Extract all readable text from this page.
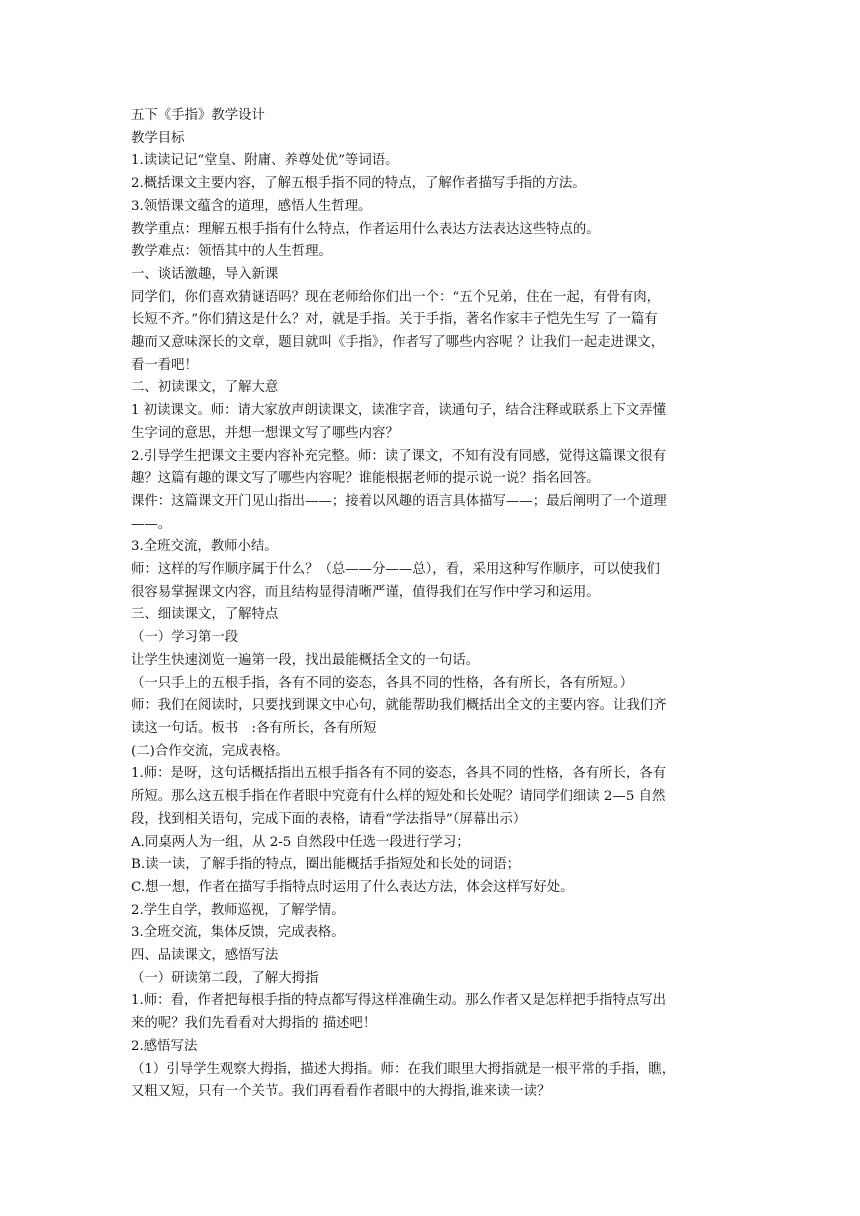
五下《手指》教学设计

教学目标

1.读读记记“堂皇、附庸、养尊处优”等词语。

2.概括课文主要内容，了解五根手指不同的特点，了解作者描写手指的方法。

3.领悟课文蕴含的道理，感悟人生哲理。

教学重点：理解五根手指有什么特点，作者运用什么表达方法表达这些特点的。

教学难点：领悟其中的人生哲理。

一、谈话激趣，导入新课

同学们，你们喜欢猜谜语吗？现在老师给你们出一个：“五个兄弟，住在一起，有骨有肉，

长短不齐。”你们猜这是什么？对，就是手指。关于手指，著名作家丰子恺先生写 了一篇有

趣而又意味深长的文章，题目就叫《手指》，作者写了哪些内容呢 ？让我们一起走进课文，

看一看吧！

二、初读课文，了解大意

1 初读课文。师：请大家放声朗读课文，读准字音，读通句子，结合注释或联系上下文弄懂

生字词的意思，并想一想课文写了哪些内容？

2.引导学生把课文主要内容补充完整。师：读了课文，不知有没有同感，觉得这篇课文很有

趣？这篇有趣的课文写了哪些内容呢？谁能根据老师的提示说一说？指名回答。

课件：这篇课文开门见山指出——；接着以风趣的语言具体描写——；最后阐明了一个道理

——。

3.全班交流，教师小结。

师：这样的写作顺序属于什么？（总——分——总），看，采用这种写作顺序，可以使我们

很容易掌握课文内容，而且结构显得清晰严谨，值得我们在写作中学习和运用。

三、细读课文，了解特点

（一）学习第一段

让学生快速浏览一遍第一段，找出最能概括全文的一句话。

（一只手上的五根手指，各有不同的姿态，各具不同的性格，各有所长，各有所短。）

师：我们在阅读时，只要找到课文中心句，就能帮助我们概括出全文的主要内容。让我们齐

读这一句话。板书　:各有所长，各有所短

(二)合作交流，完成表格。

1.师：是呀，这句话概括指出五根手指各有不同的姿态，各具不同的性格，各有所长，各有

所短。那么这五根手指在作者眼中究竟有什么样的短处和长处呢？请同学们细读 2—5 自然

段，找到相关语句，完成下面的表格，请看“学法指导”（屏幕出示）

A.同桌两人为一组，从 2-5 自然段中任选一段进行学习；

B.读一读，了解手指的特点，圈出能概括手指短处和长处的词语；

C.想一想，作者在描写手指特点时运用了什么表达方法，体会这样写好处。

2.学生自学，教师巡视，了解学情。

3.全班交流，集体反馈，完成表格。

四、品读课文，感悟写法

（一）研读第二段，了解大拇指

1.师：看，作者把每根手指的特点都写得这样准确生动。那么作者又是怎样把手指特点写出

来的呢？我们先看看对大拇指的 描述吧！

2.感悟写法

（1）引导学生观察大拇指，描述大拇指。师：在我们眼里大拇指就是一根平常的手指，瞧，

又粗又短，只有一个关节。我们再看看作者眼中的大拇指,谁来读一读？
